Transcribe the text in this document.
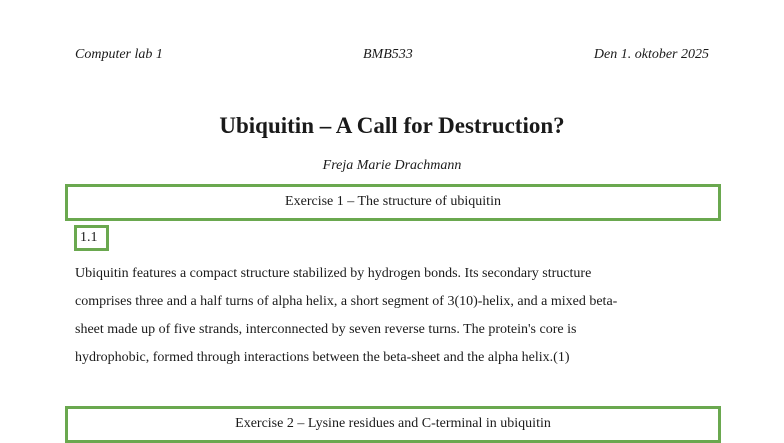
Computer lab 1	BMB533	Den 1. oktober 2025
Ubiquitin – A Call for Destruction?
Freja Marie Drachmann
Exercise 1 – The structure of ubiquitin
1.1
Ubiquitin features a compact structure stabilized by hydrogen bonds. Its secondary structure
comprises three and a half turns of alpha helix, a short segment of 3(10)-helix, and a mixed beta-
sheet made up of five strands, interconnected by seven reverse turns. The protein's core is
hydrophobic, formed through interactions between the beta-sheet and the alpha helix.(1)
Exercise 2 – Lysine residues and C-terminal in ubiquitin
